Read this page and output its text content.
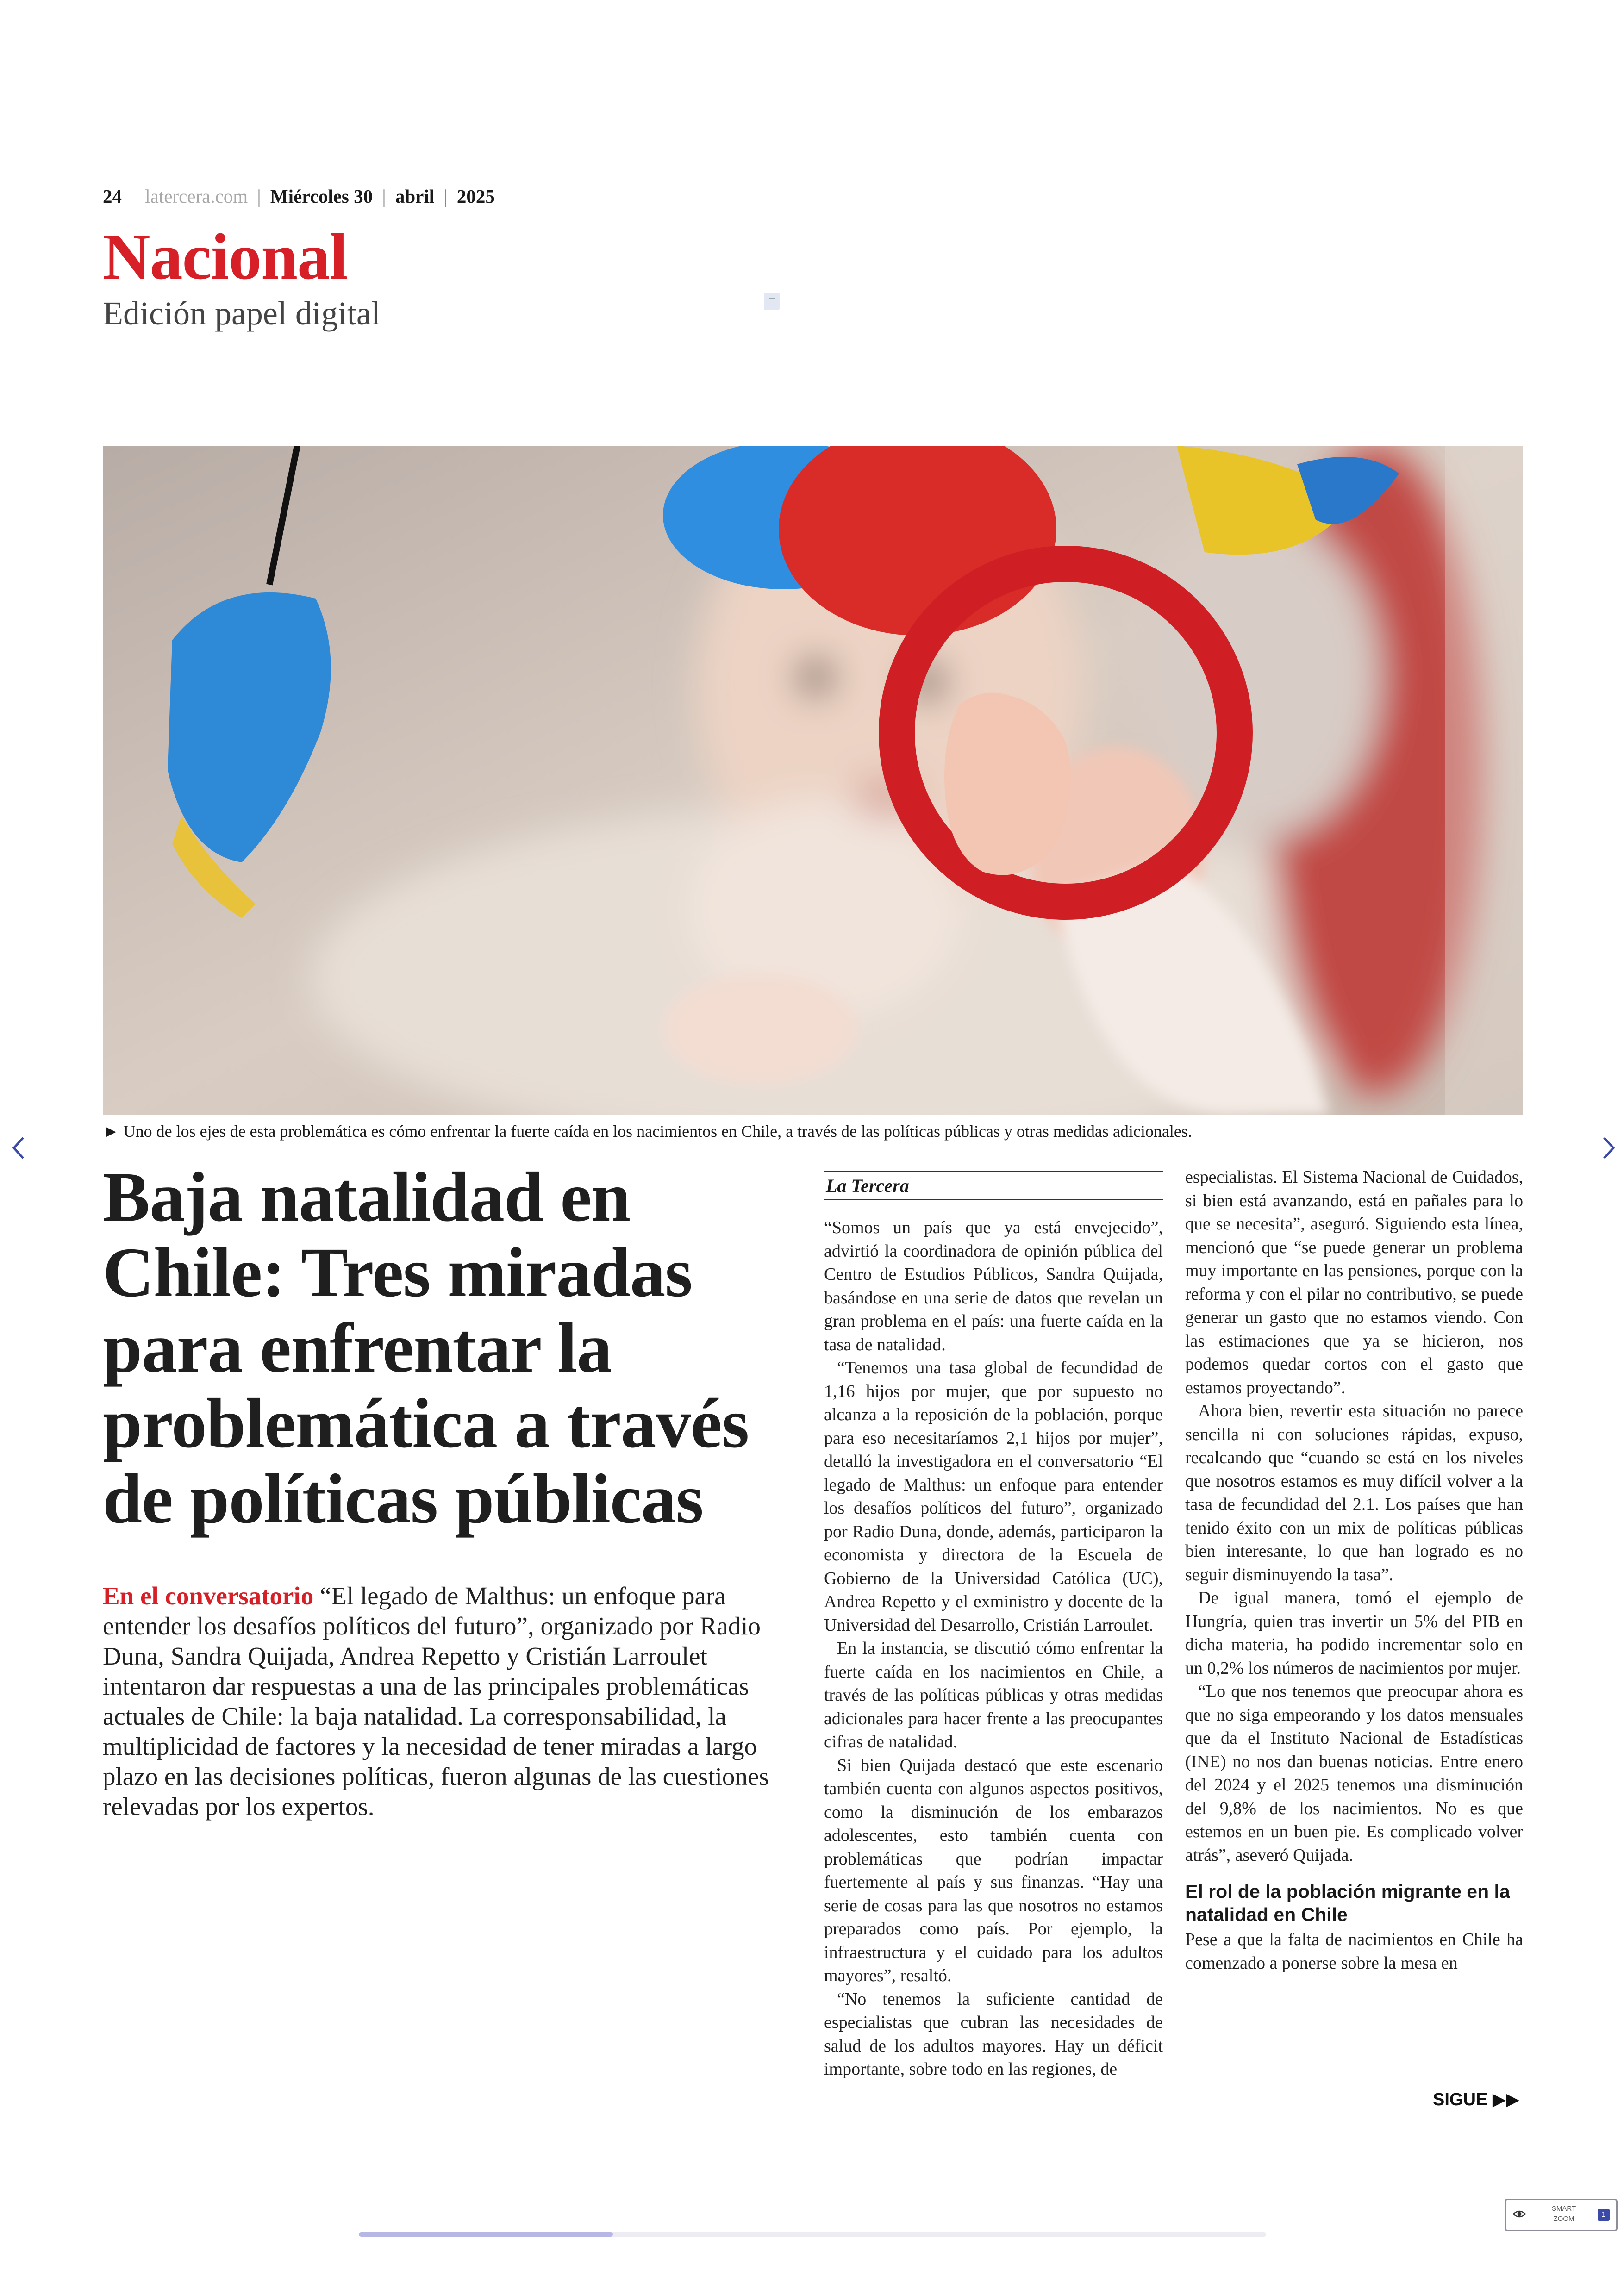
24 latercera.com | Miércoles 30 | abril | 2025
Nacional
Edición papel digital
► Uno de los ejes de esta problemática es cómo enfrentar la fuerte caída en los nacimientos en Chile, a través de las políticas públicas y otras medidas adicionales.
Baja natalidad en Chile: Tres miradas para enfrentar la problemática a través de políticas públicas
En el conversatorio “El legado de Malthus: un enfoque para entender los desafíos políticos del futuro”, organizado por Radio Duna, Sandra Quijada, Andrea Repetto y Cristián Larroulet intentaron dar respuestas a una de las principales problemáticas actuales de Chile: la baja natalidad. La corresponsabilidad, la multiplicidad de factores y la necesidad de tener miradas a largo plazo en las decisiones políticas, fueron algunas de las cuestiones relevadas por los expertos.
La Tercera

“Somos un país que ya está envejecido”, advirtió la coordinadora de opinión pública del Centro de Estudios Públicos, Sandra Quijada, basándose en una serie de datos que revelan un gran problema en el país: una fuerte caída en la tasa de natalidad.

“Tenemos una tasa global de fecundidad de 1,16 hijos por mujer, que por supuesto no alcanza a la reposición de la población, porque para eso necesitaríamos 2,1 hijos por mujer”, detalló la investigadora en el conversatorio “El legado de Malthus: un enfoque para entender los desafíos políticos del futuro”, organizado por Radio Duna, donde, además, participaron la economista y directora de la Escuela de Gobierno de la Universidad Católica (UC), Andrea Repetto y el exministro y docente de la Universidad del Desarrollo, Cristián Larroulet.

En la instancia, se discutió cómo enfrentar la fuerte caída en los nacimientos en Chile, a través de las políticas públicas y otras medidas adicionales para hacer frente a las preocupantes cifras de natalidad.

Si bien Quijada destacó que este escenario también cuenta con algunos aspectos positivos, como la disminución de los embarazos adolescentes, esto también cuenta con problemáticas que podrían impactar fuertemente al país y sus finanzas. “Hay una serie de cosas para las que nosotros no estamos preparados como país. Por ejemplo, la infraestructura y el cuidado para los adultos mayores”, resaltó.

“No tenemos la suficiente cantidad de especialistas que cubran las necesidades de salud de los adultos mayores. Hay un déficit importante, sobre todo en las regiones, de

especialistas. El Sistema Nacional de Cuidados, si bien está avanzando, está en pañales para lo que se necesita”, aseguró. Siguiendo esta línea, mencionó que “se puede generar un problema muy importante en las pensiones, porque con la reforma y con el pilar no contributivo, se puede generar un gasto que no estamos viendo. Con las estimaciones que ya se hicieron, nos podemos quedar cortos con el gasto que estamos proyectando”.

Ahora bien, revertir esta situación no parece sencilla ni con soluciones rápidas, expuso, recalcando que “cuando se está en los niveles que nosotros estamos es muy difícil volver a la tasa de fecundidad del 2.1. Los países que han tenido éxito con un mix de políticas públicas bien interesante, lo que han logrado es no seguir disminuyendo la tasa”.

De igual manera, tomó el ejemplo de Hungría, quien tras invertir un 5% del PIB en dicha materia, ha podido incrementar solo en un 0,2% los números de nacimientos por mujer.

“Lo que nos tenemos que preocupar ahora es que no siga empeorando y los datos mensuales que da el Instituto Nacional de Estadísticas (INE) no nos dan buenas noticias. Entre enero del 2024 y el 2025 tenemos una disminución del 9,8% de los nacimientos. No es que estemos en un buen pie. Es complicado volver atrás”, aseveró Quijada.

El rol de la población migrante en la natalidad en Chile

Pese a que la falta de nacimientos en Chile ha comenzado a ponerse sobre la mesa en

SIGUE ▶▶
SMART
ZOOM
1
